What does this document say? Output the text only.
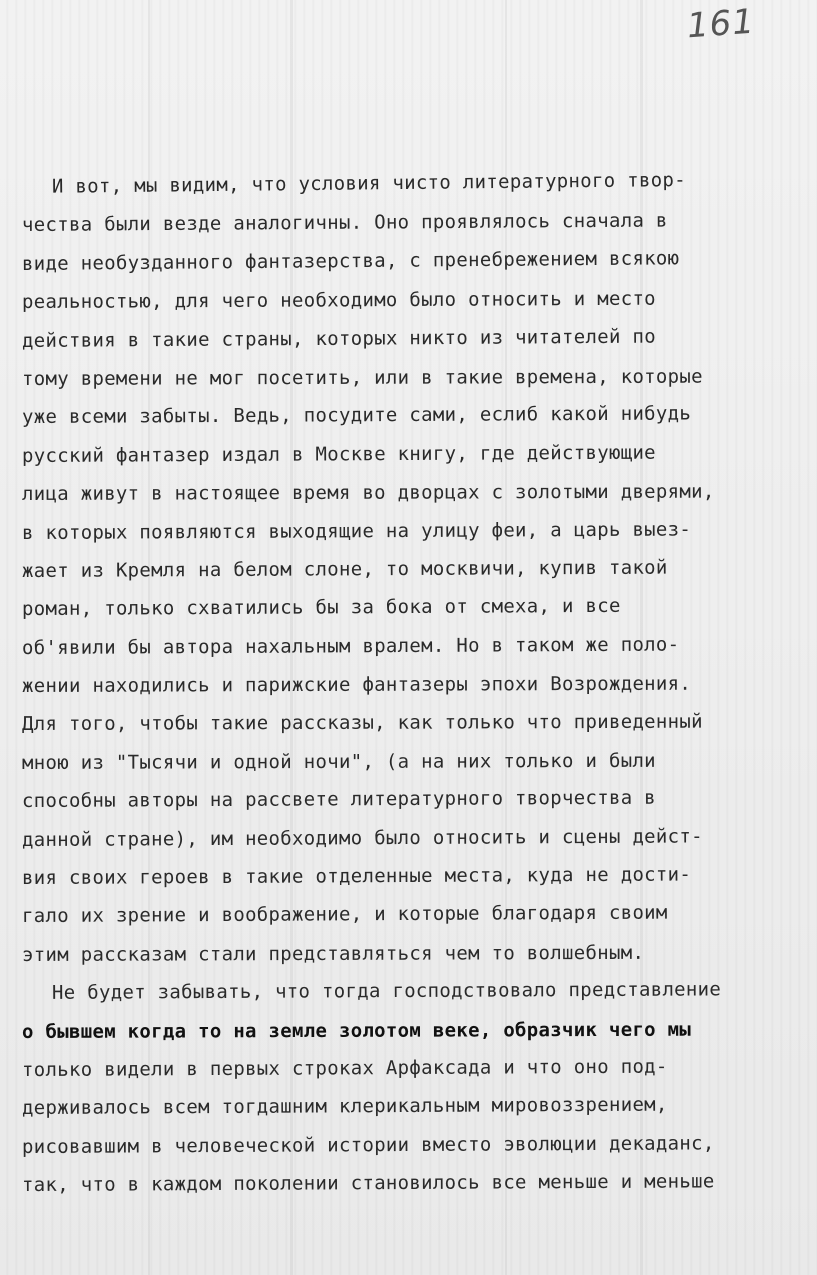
161
И вот, мы видим, что условия чисто литературного твор-
чества были везде аналогичны. Оно проявлялось сначала в
виде необузданного фантазерства, с пренебрежением всякою
реальностью, для чего необходимо было относить и место
действия в такие страны, которых никто из читателей по
тому времени не мог посетить, или в такие времена, которые
уже всеми забыты. Ведь, посудите сами, еслиб какой нибудь
русский фантазер издал в Москве книгу, где действующие
лица живут в настоящее время во дворцах с золотыми дверями,
в которых появляются выходящие на улицу феи, а царь выез-
жает из Кремля на белом слоне, то москвичи, купив такой
роман, только схватились бы за бока от смеха, и все
об'явили бы автора нахальным вралем. Но в таком же поло-
жении находились и парижские фантазеры эпохи Возрождения.
Для того, чтобы такие рассказы, как только что приведенный
мною из "Тысячи и одной ночи", (а на них только и были
способны авторы на рассвете литературного творчества в
данной стране), им необходимо было относить и сцены дейст-
вия своих героев в такие отделенные места, куда не дости-
гало их зрение и воображение, и которые благодаря своим
этим рассказам стали представляться чем то волшебным.
Не будет забывать, что тогда господствовало представление
о бывшем когда то на земле золотом веке, образчик чего мы
только видели в первых строках Арфаксада и что оно под-
держивалось всем тогдашним клерикальным мировоззрением,
рисовавшим в человеческой истории вместо эволюции декаданс,
так, что в каждом поколении становилось все меньше и меньше
